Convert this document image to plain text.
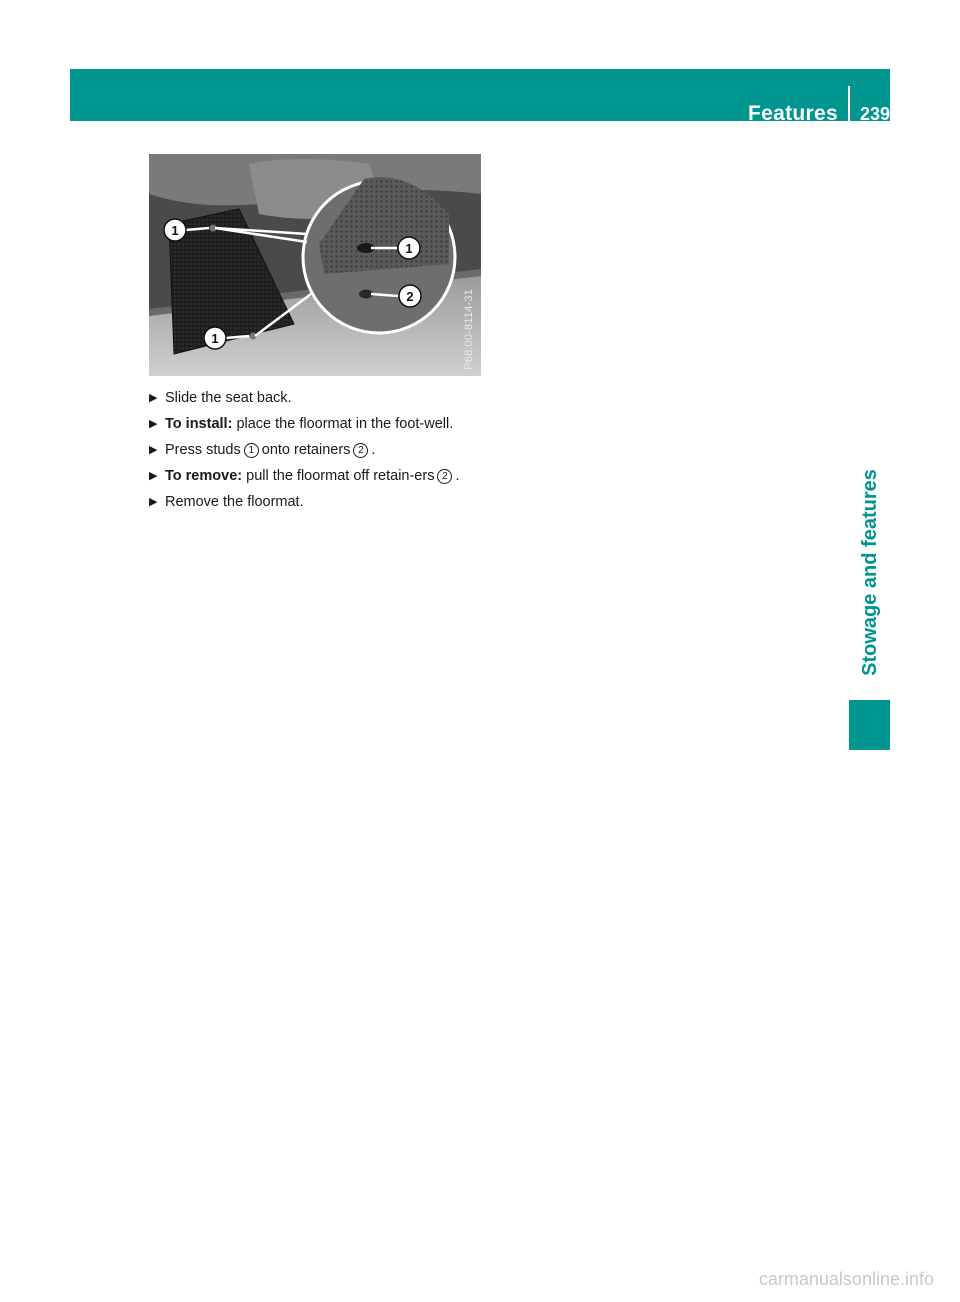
Features 239
1
1
1
2	P68.00-8114-31
▶ Slide the seat back.
▶ To install: place the floormat in the foot-well.
▶ Press studs 1 onto retainers 2 .
▶ To remove: pull the floormat off retain-ers 2 .
▶ Remove the floormat.	Stowage and features
carmanualsonline.info
